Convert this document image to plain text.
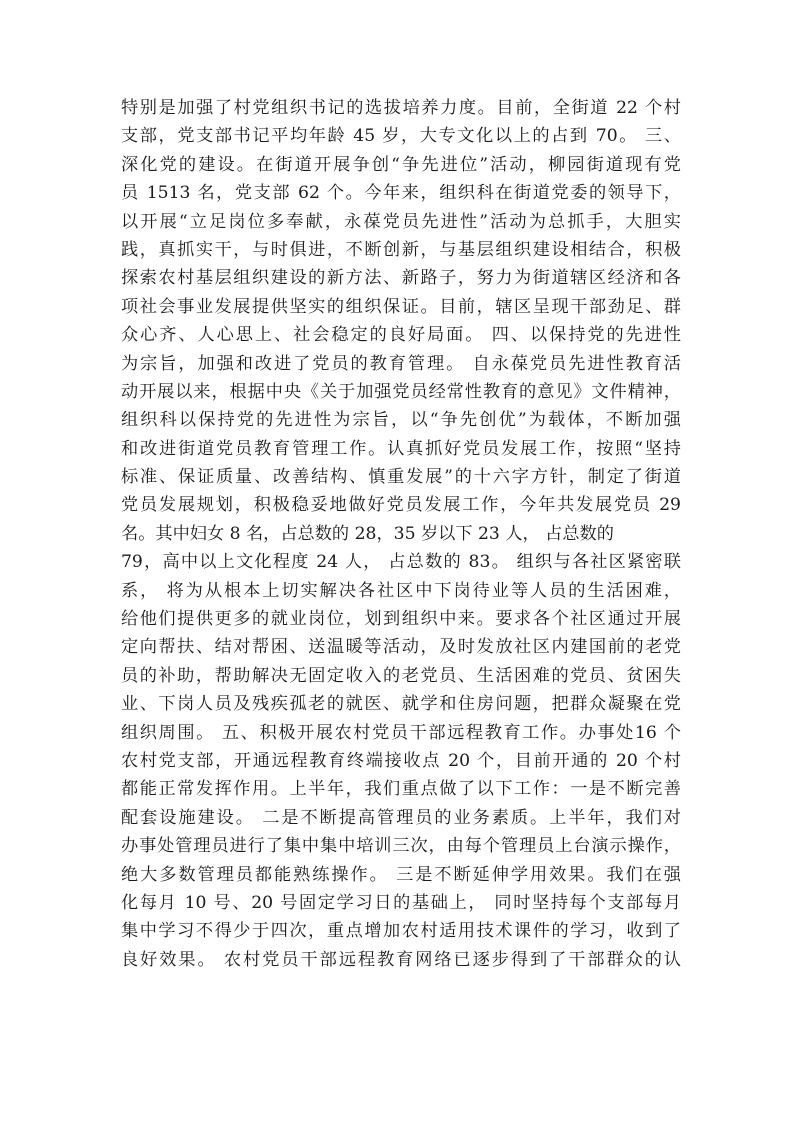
特别是加强了村党组织书记的选拔培养力度。目前，全街道 22 个村
支部，党支部书记平均年龄 45 岁，大专文化以上的占到 70。 三、
深化党的建设。在街道开展争创“争先进位”活动，柳园街道现有党
员 1513 名，党支部 62 个。今年来，组织科在街道党委的领导下，
以开展“立足岗位多奉献，永葆党员先进性”活动为总抓手，大胆实
践，真抓实干，与时俱进，不断创新，与基层组织建设相结合，积极
探索农村基层组织建设的新方法、新路子，努力为街道辖区经济和各
项社会事业发展提供坚实的组织保证。目前，辖区呈现干部劲足、群
众心齐、人心思上、社会稳定的良好局面。 四、以保持党的先进性
为宗旨，加强和改进了党员的教育管理。 自永葆党员先进性教育活
动开展以来，根据中央《关于加强党员经常性教育的意见》文件精神，
组织科以保持党的先进性为宗旨，以“争先创优”为载体，不断加强
和改进街道党员教育管理工作。认真抓好党员发展工作，按照“坚持
标准、保证质量、改善结构、慎重发展”的十六字方针，制定了街道
党员发展规划，积极稳妥地做好党员发展工作，今年共发展党员 29
名。其中妇女 8 名，占总数的 28，35 岁以下 23 人， 占总数的
79，高中以上文化程度 24 人， 占总数的 83。 组织与各社区紧密联
系， 将为从根本上切实解决各社区中下岗待业等人员的生活困难，
给他们提供更多的就业岗位，划到组织中来。要求各个社区通过开展
定向帮扶、结对帮困、送温暖等活动，及时发放社区内建国前的老党
员的补助，帮助解决无固定收入的老党员、生活困难的党员、贫困失
业、下岗人员及残疾孤老的就医、就学和住房问题，把群众凝聚在党
组织周围。 五、积极开展农村党员干部远程教育工作。办事处16 个
农村党支部，开通远程教育终端接收点 20 个，目前开通的 20 个村
都能正常发挥作用。上半年，我们重点做了以下工作：一是不断完善
配套设施建设。 二是不断提高管理员的业务素质。上半年，我们对
办事处管理员进行了集中集中培训三次，由每个管理员上台演示操作，
绝大多数管理员都能熟练操作。 三是不断延伸学用效果。我们在强
化每月 10 号、20 号固定学习日的基础上， 同时坚持每个支部每月
集中学习不得少于四次，重点增加农村适用技术课件的学习，收到了
良好效果。 农村党员干部远程教育网络已逐步得到了干部群众的认
